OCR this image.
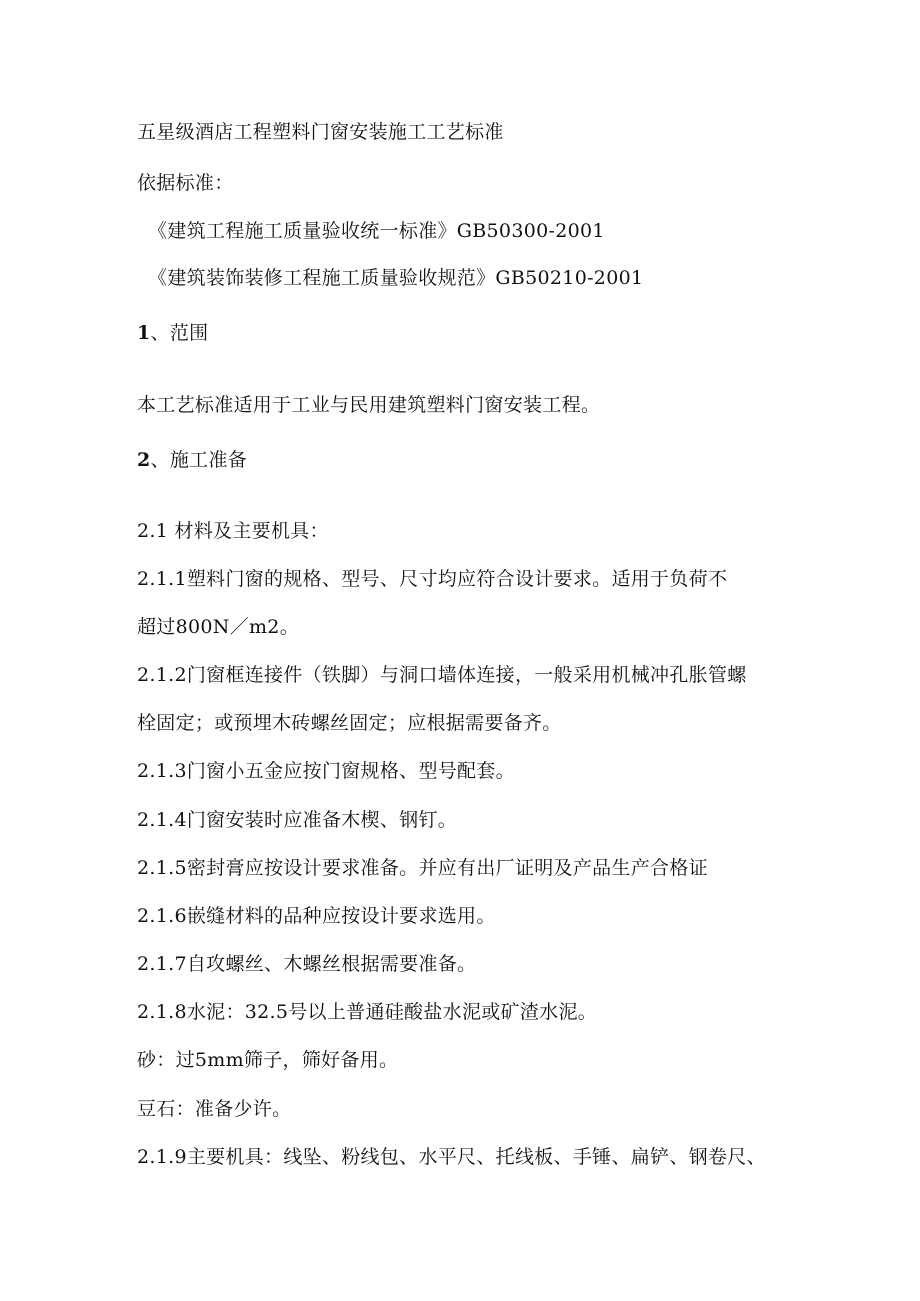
五星级酒店工程塑料门窗安装施工工艺标准
依据标准：
《建筑工程施工质量验收统一标准》GB50300-2001
《建筑装饰装修工程施工质量验收规范》GB50210-2001
1、范围
本工艺标准适用于工业与民用建筑塑料门窗安装工程。
2、施工准备
2.1 材料及主要机具：
2.1.1塑料门窗的规格、型号、尺寸均应符合设计要求。适用于负荷不
超过800N／m2。
2.1.2门窗框连接件（铁脚）与洞口墙体连接，一般采用机械冲孔胀管螺
栓固定；或预埋木砖螺丝固定；应根据需要备齐。
2.1.3门窗小五金应按门窗规格、型号配套。
2.1.4门窗安装时应准备木楔、钢钉。
2.1.5密封膏应按设计要求准备。并应有出厂证明及产品生产合格证
2.1.6嵌缝材料的品种应按设计要求选用。
2.1.7自攻螺丝、木螺丝根据需要准备。
2.1.8水泥：32.5号以上普通硅酸盐水泥或矿渣水泥。
砂：过5mm筛子，筛好备用。
豆石：准备少许。
2.1.9主要机具：线坠、粉线包、水平尺、托线板、手锤、扁铲、钢卷尺、
